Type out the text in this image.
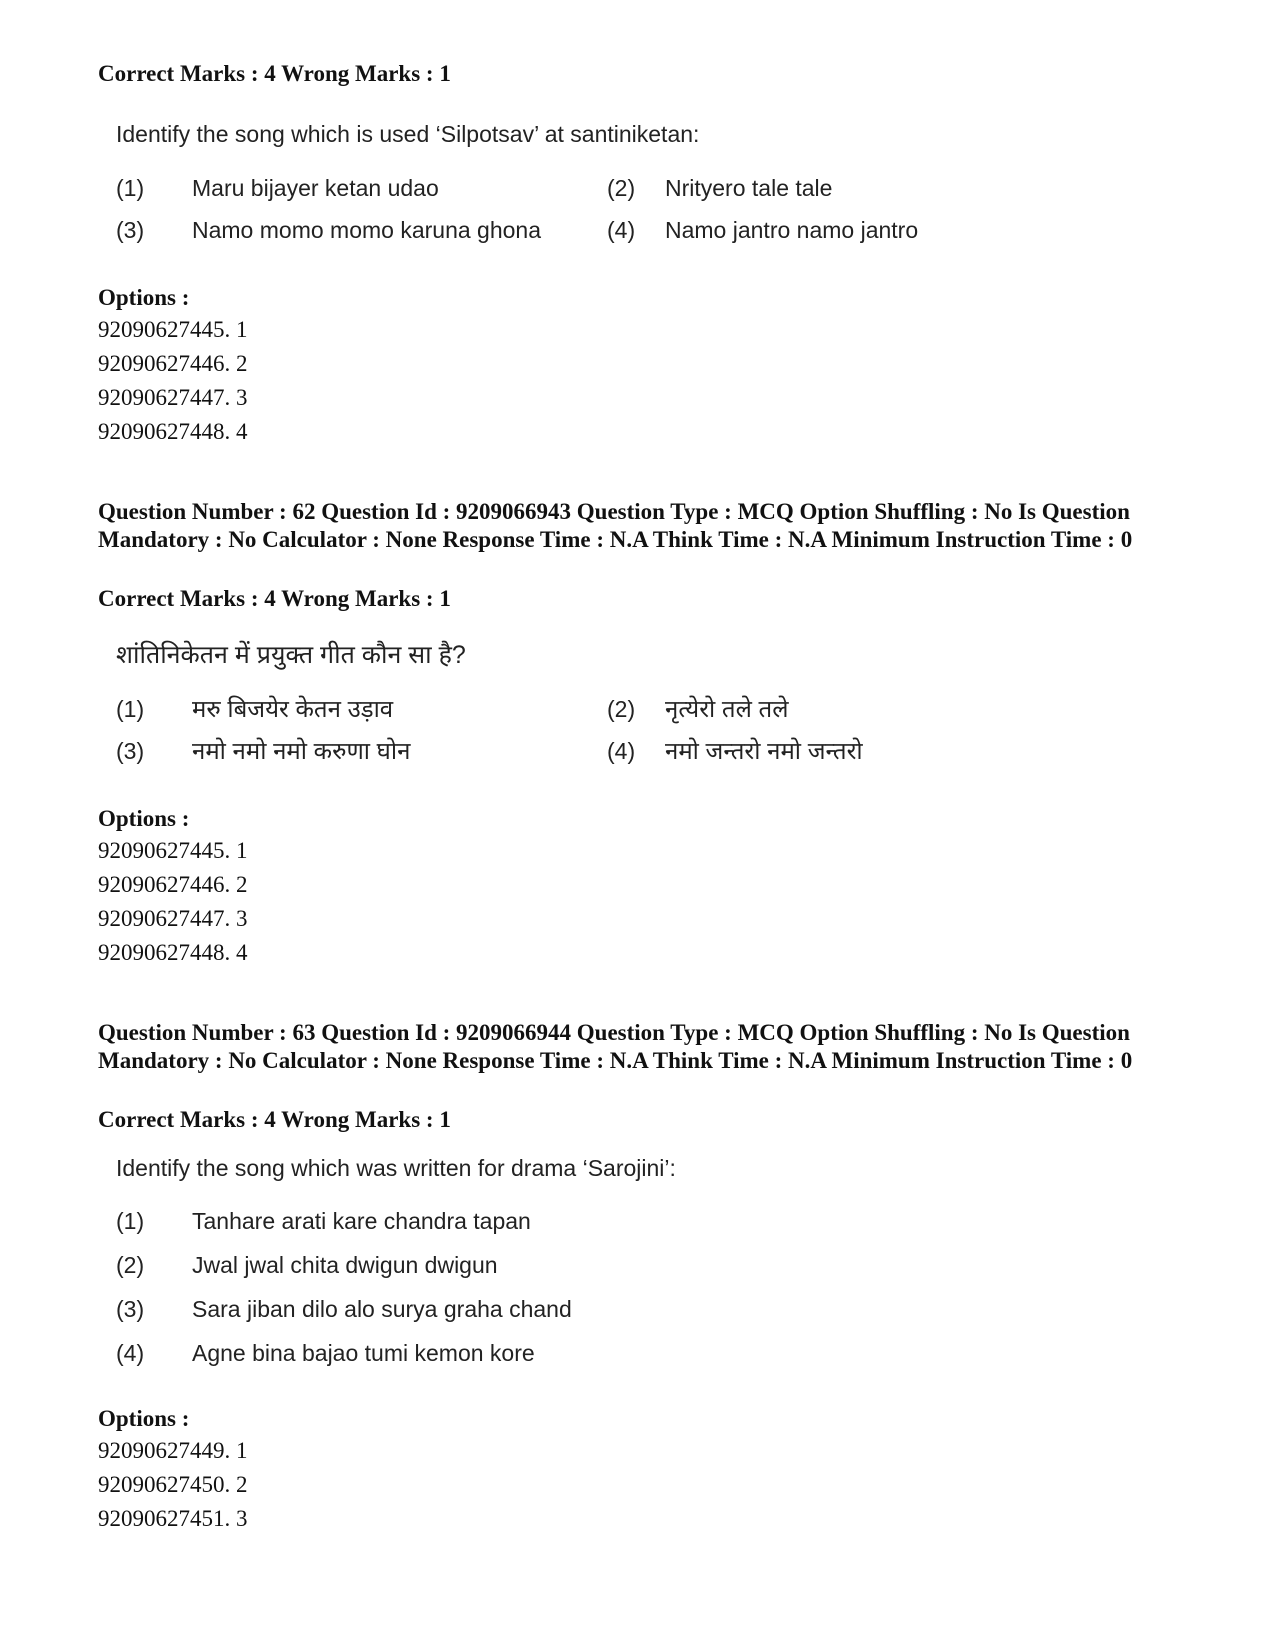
Correct Marks : 4 Wrong Marks : 1
Identify the song which is used ‘Silpotsav’ at santiniketan:
(1) Maru bijayer ketan udao	(2) Nrityero tale tale
(3) Namo momo momo karuna ghona	(4) Namo jantro namo jantro
Options :
92090627445. 1
92090627446. 2
92090627447. 3
92090627448. 4
Question Number : 62 Question Id : 9209066943 Question Type : MCQ Option Shuffling : No Is Question Mandatory : No Calculator : None Response Time : N.A Think Time : N.A Minimum Instruction Time : 0
Correct Marks : 4 Wrong Marks : 1
शांतिनिकेतन में प्रयुक्त गीत कौन सा है?
(1) मरु बिजयेर केतन उड़ाव	(2) नृत्येरो तले तले
(3) नमो नमो नमो करुणा घोन	(4) नमो जन्तरो नमो जन्तरो
Options :
92090627445. 1
92090627446. 2
92090627447. 3
92090627448. 4
Question Number : 63 Question Id : 9209066944 Question Type : MCQ Option Shuffling : No Is Question Mandatory : No Calculator : None Response Time : N.A Think Time : N.A Minimum Instruction Time : 0
Correct Marks : 4 Wrong Marks : 1
Identify the song which was written for drama ‘Sarojini’:
(1) Tanhare arati kare chandra tapan
(2) Jwal jwal chita dwigun dwigun
(3) Sara jiban dilo alo surya graha chand
(4) Agne bina bajao tumi kemon kore
Options :
92090627449. 1
92090627450. 2
92090627451. 3
